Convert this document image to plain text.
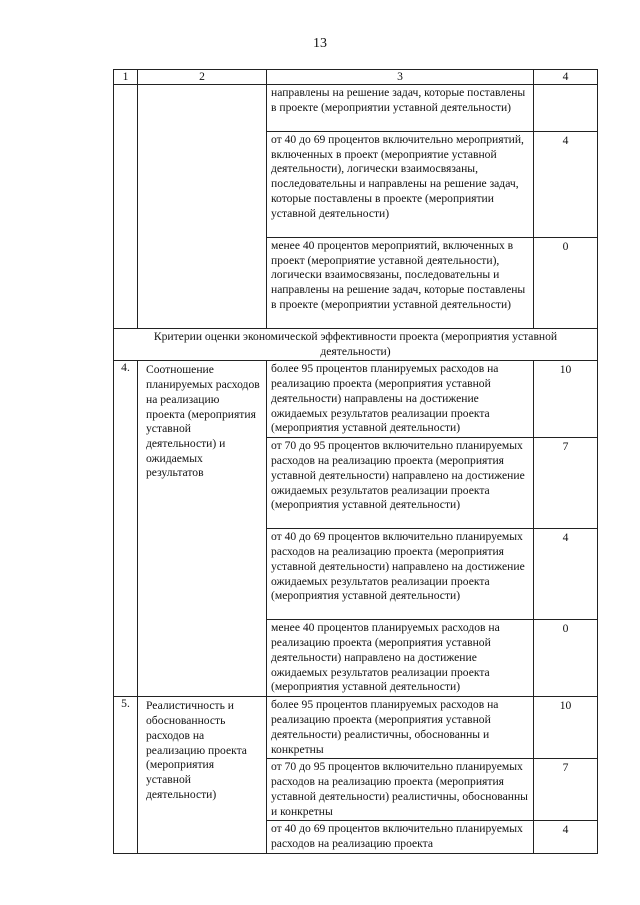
13
1	2	3	4
		направлены на решение задач, которые поставлены в проекте (мероприятии уставной деятельности)	
		от 40 до 69 процентов включительно мероприятий, включенных в проект (мероприятие уставной деятельности), логически взаимосвязаны, последовательны и направлены на решение задач, которые поставлены в проекте (мероприятии уставной деятельности)	4
		менее 40 процентов мероприятий, включенных в проект (мероприятие уставной деятельности), логически взаимосвязаны, последовательны и направлены на решение задач, которые поставлены в проекте (мероприятии уставной деятельности)	0
Критерии оценки экономической эффективности проекта (мероприятия уставной деятельности)			
4.	Соотношение планируемых расходов на реализацию проекта (мероприятия уставной деятельности) и ожидаемых результатов	более 95 процентов планируемых расходов на реализацию проекта (мероприятия уставной деятельности) направлены на достижение ожидаемых результатов реализации проекта (мероприятия уставной деятельности)	10
		от 70 до 95 процентов включительно планируемых расходов на реализацию проекта (мероприятия уставной деятельности) направлено на достижение ожидаемых результатов реализации проекта (мероприятия уставной деятельности)	7
		от 40 до 69 процентов включительно планируемых расходов на реализацию проекта (мероприятия уставной деятельности) направлено на достижение ожидаемых результатов реализации проекта (мероприятия уставной деятельности)	4
		менее 40 процентов планируемых расходов на реализацию проекта (мероприятия уставной деятельности) направлено на достижение ожидаемых результатов реализации проекта (мероприятия уставной деятельности)	0
5.	Реалистичность и обоснованность расходов на реализацию проекта (мероприятия уставной деятельности)	более 95 процентов планируемых расходов на реализацию проекта (мероприятия уставной деятельности) реалистичны, обоснованны и конкретны	10
		от 70 до 95 процентов включительно планируемых расходов на реализацию проекта (мероприятия уставной деятельности) реалистичны, обоснованны и конкретны	7
		от 40 до 69 процентов включительно планируемых расходов на реализацию проекта	4
